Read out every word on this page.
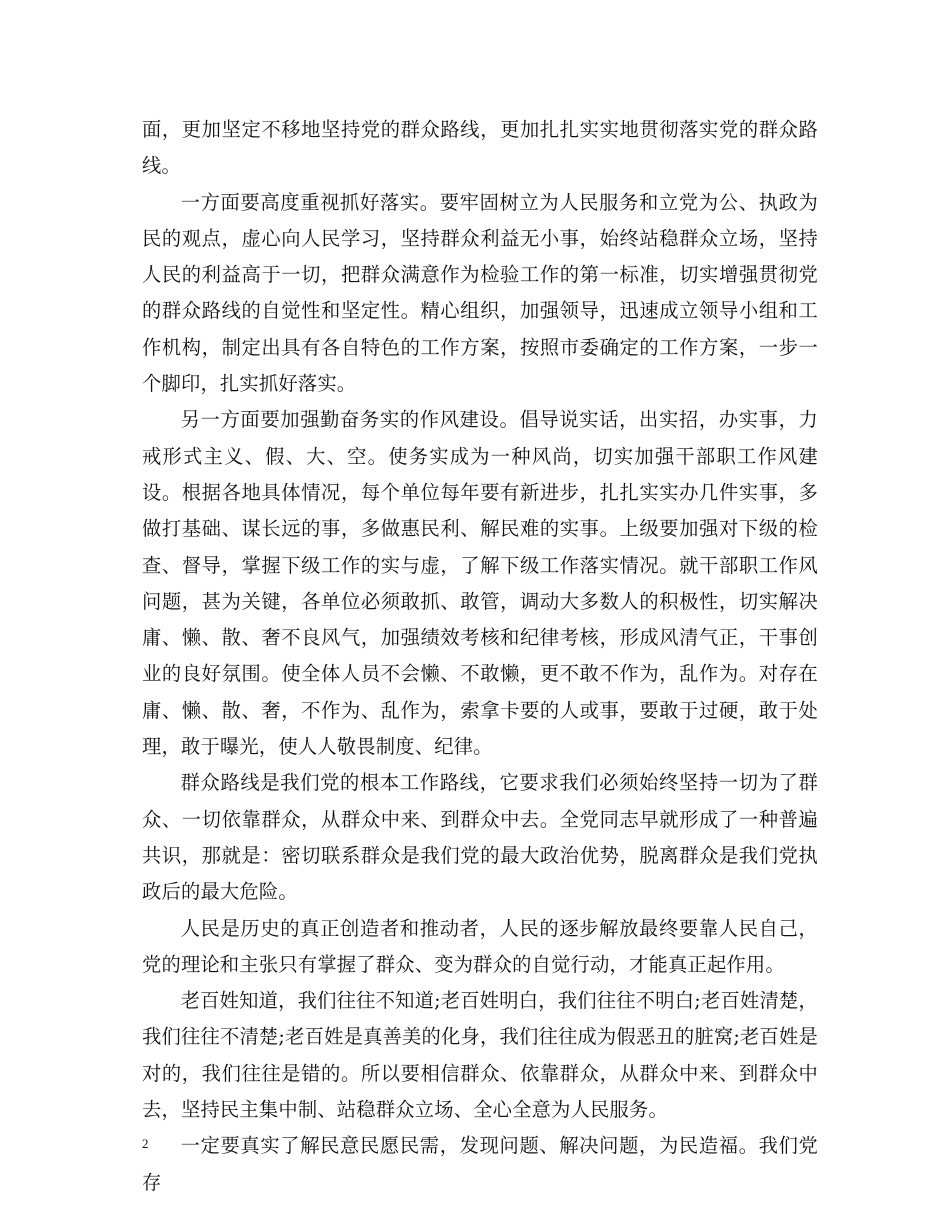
面，更加坚定不移地坚持党的群众路线，更加扎扎实实地贯彻落实党的群众路线。

一方面要高度重视抓好落实。要牢固树立为人民服务和立党为公、执政为民的观点，虚心向人民学习，坚持群众利益无小事，始终站稳群众立场，坚持人民的利益高于一切，把群众满意作为检验工作的第一标准，切实增强贯彻党的群众路线的自觉性和坚定性。精心组织，加强领导，迅速成立领导小组和工作机构，制定出具有各自特色的工作方案，按照市委确定的工作方案，一步一个脚印，扎实抓好落实。

另一方面要加强勤奋务实的作风建设。倡导说实话，出实招，办实事，力戒形式主义、假、大、空。使务实成为一种风尚，切实加强干部职工作风建设。根据各地具体情况，每个单位每年要有新进步，扎扎实实办几件实事，多做打基础、谋长远的事，多做惠民利、解民难的实事。上级要加强对下级的检查、督导，掌握下级工作的实与虚，了解下级工作落实情况。就干部职工作风问题，甚为关键，各单位必须敢抓、敢管，调动大多数人的积极性，切实解决庸、懒、散、奢不良风气，加强绩效考核和纪律考核，形成风清气正，干事创业的良好氛围。使全体人员不会懒、不敢懒，更不敢不作为，乱作为。对存在庸、懒、散、奢，不作为、乱作为，索拿卡要的人或事，要敢于过硬，敢于处理，敢于曝光，使人人敬畏制度、纪律。

群众路线是我们党的根本工作路线，它要求我们必须始终坚持一切为了群众、一切依靠群众，从群众中来、到群众中去。全党同志早就形成了一种普遍共识，那就是：密切联系群众是我们党的最大政治优势，脱离群众是我们党执政后的最大危险。

人民是历史的真正创造者和推动者，人民的逐步解放最终要靠人民自己，党的理论和主张只有掌握了群众、变为群众的自觉行动，才能真正起作用。

老百姓知道，我们往往不知道;老百姓明白，我们往往不明白;老百姓清楚，我们往往不清楚;老百姓是真善美的化身，我们往往成为假恶丑的脏窝;老百姓是对的，我们往往是错的。所以要相信群众、依靠群众，从群众中来、到群众中去，坚持民主集中制、站稳群众立场、全心全意为人民服务。

一定要真实了解民意民愿民需，发现问题、解决问题，为民造福。我们党存

2
